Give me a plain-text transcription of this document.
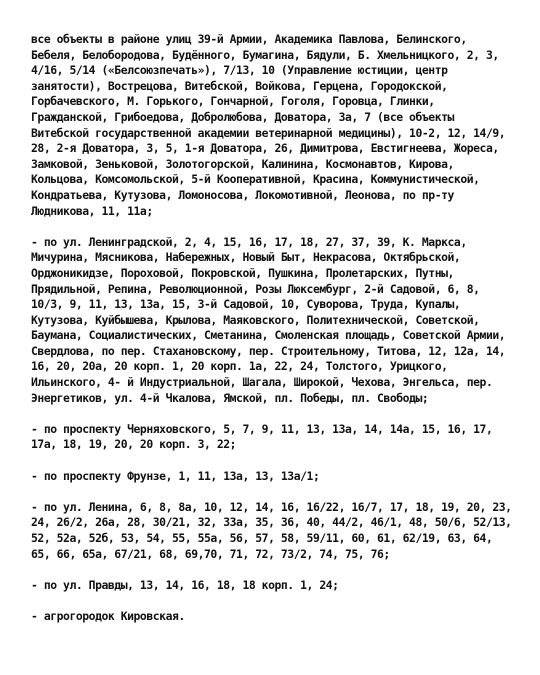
все объекты в районе улиц 39-й Армии, Академика Павлова, Белинского, Бебеля, Белобородова, Будённого, Бумагина, Бядули, Б. Хмельницкого, 2, 3, 4/16, 5/14 («Белсоюзпечать»), 7/13, 10 (Управление юстиции, центр занятости), Вострецова, Витебской, Войкова, Герцена, Городокской, Горбачевского, М. Горького, Гончарной, Гоголя, Горовца, Глинки, Гражданской, Грибоедова, Добролюбова, Доватора, 3а, 7 (все объекты Витебской государственной академии ветеринарной медицины), 10-2, 12, 14/9, 28, 2-я Доватора, 3, 5, 1-я Доватора, 26, Димитрова, Евстигнеева, Жореса, Замковой, Зеньковой, Золотогорской, Калинина, Космонавтов, Кирова, Кольцова, Комсомольской, 5-й Кооперативной, Красина, Коммунистической, Кондратьева, Кутузова, Ломоносова, Локомотивной, Леонова, по пр-ту Людникова, 11, 11а;

- по ул. Ленинградской, 2, 4, 15, 16, 17, 18, 27, 37, 39, К. Маркса, Мичурина, Мясникова, Набережных, Новый Быт, Некрасова, Октябрьской, Орджоникидзе, Пороховой, Покровской, Пушкина, Пролетарских, Путны, Прядильной, Репина, Революционной, Розы Люксембург, 2-й Садовой, 6, 8, 10/3, 9, 11, 13, 13а, 15, 3-й Садовой, 10, Суворова, Труда, Купалы, Кутузова, Куйбышева, Крылова, Маяковского, Политехнической, Советской, Баумана, Социалистических, Сметанина, Смоленская площадь, Советской Армии, Свердлова, по пер. Стахановскому, пер. Строительному, Титова, 12, 12а, 14, 16, 20, 20а, 20 корп. 1, 20 корп. 1а, 22, 24, Толстого, Урицкого, Ильинского, 4- й Индустриальной, Шагала, Широкой, Чехова, Энгельса, пер. Энергетиков, ул. 4-й Чкалова, Ямской, пл. Победы, пл. Свободы;

- по проспекту Черняховского, 5, 7, 9, 11, 13, 13а, 14, 14а, 15, 16, 17, 17а, 18, 19, 20, 20 корп. 3, 22;

- по проспекту Фрунзе, 1, 11, 13а, 13, 13а/1;

- по ул. Ленина, 6, 8, 8а, 10, 12, 14, 16, 16/22, 16/7, 17, 18, 19, 20, 23, 24, 26/2, 26а, 28, 30/21, 32, 33а, 35, 36, 40, 44/2, 46/1, 48, 50/6, 52/13, 52, 52а, 52б, 53, 54, 55, 55а, 56, 57, 58, 59/11, 60, 61, 62/19, 63, 64, 65, 66, 65а, 67/21, 68, 69,70, 71, 72, 73/2, 74, 75, 76;

- по ул. Правды, 13, 14, 16, 18, 18 корп. 1, 24;

- агрогородок Кировская.
